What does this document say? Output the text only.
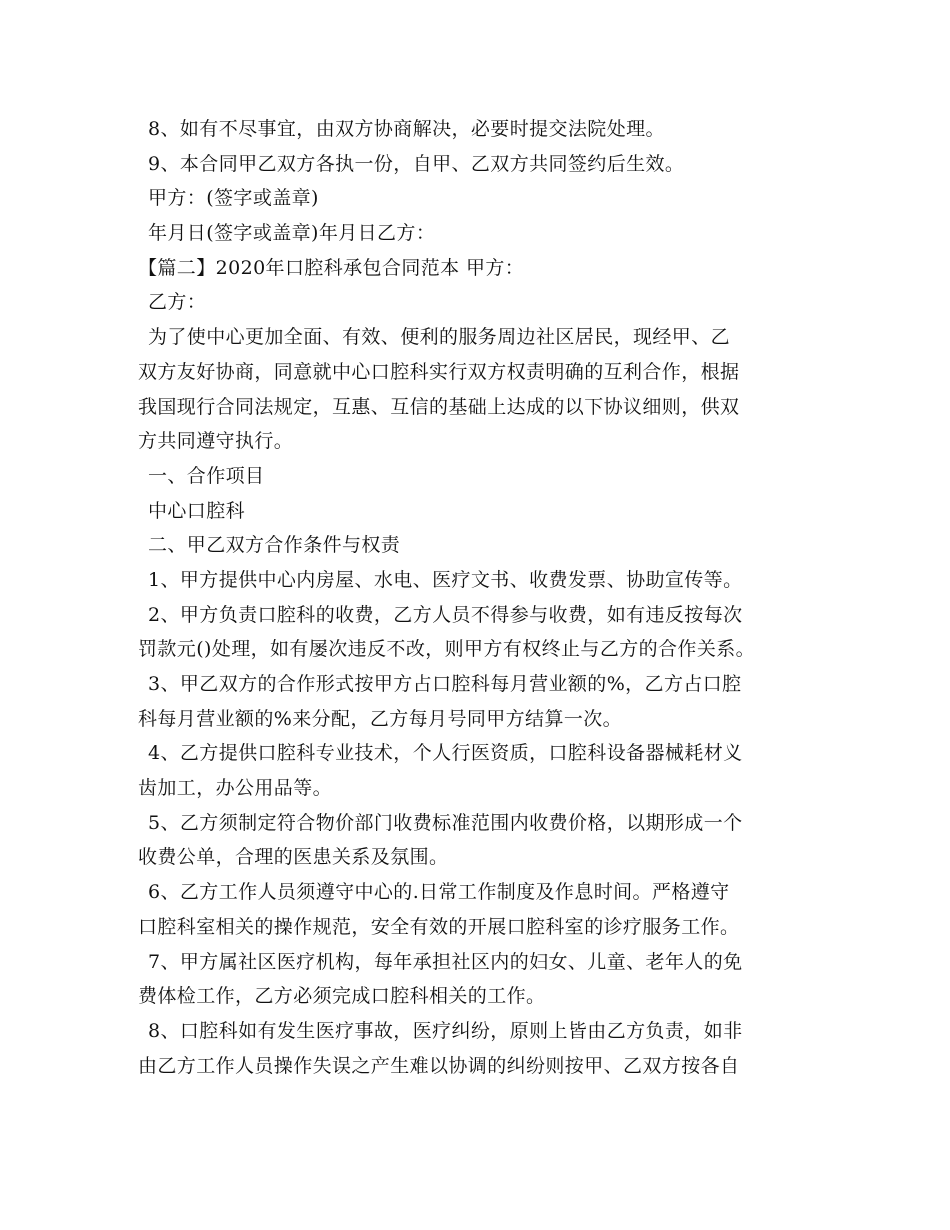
8、如有不尽事宜，由双方协商解决，必要时提交法院处理。
9、本合同甲乙双方各执一份，自甲、乙双方共同签约后生效。
甲方：(签字或盖章)
年月日(签字或盖章)年月日乙方：
【篇二】2020年口腔科承包合同范本 甲方：
乙方：
为了使中心更加全面、有效、便利的服务周边社区居民，现经甲、乙
双方友好协商，同意就中心口腔科实行双方权责明确的互利合作，根据
我国现行合同法规定，互惠、互信的基础上达成的以下协议细则，供双
方共同遵守执行。
一、合作项目
中心口腔科
二、甲乙双方合作条件与权责
1、甲方提供中心内房屋、水电、医疗文书、收费发票、协助宣传等。
2、甲方负责口腔科的收费，乙方人员不得参与收费，如有违反按每次
罚款元()处理，如有屡次违反不改，则甲方有权终止与乙方的合作关系。
3、甲乙双方的合作形式按甲方占口腔科每月营业额的%，乙方占口腔
科每月营业额的%来分配，乙方每月号同甲方结算一次。
4、乙方提供口腔科专业技术，个人行医资质，口腔科设备器械耗材义
齿加工，办公用品等。
5、乙方须制定符合物价部门收费标准范围内收费价格，以期形成一个
收费公单，合理的医患关系及氛围。
6、乙方工作人员须遵守中心的.日常工作制度及作息时间。严格遵守
口腔科室相关的操作规范，安全有效的开展口腔科室的诊疗服务工作。
7、甲方属社区医疗机构，每年承担社区内的妇女、儿童、老年人的免
费体检工作，乙方必须完成口腔科相关的工作。
8、口腔科如有发生医疗事故，医疗纠纷，原则上皆由乙方负责，如非
由乙方工作人员操作失误之产生难以协调的纠纷则按甲、乙双方按各自
